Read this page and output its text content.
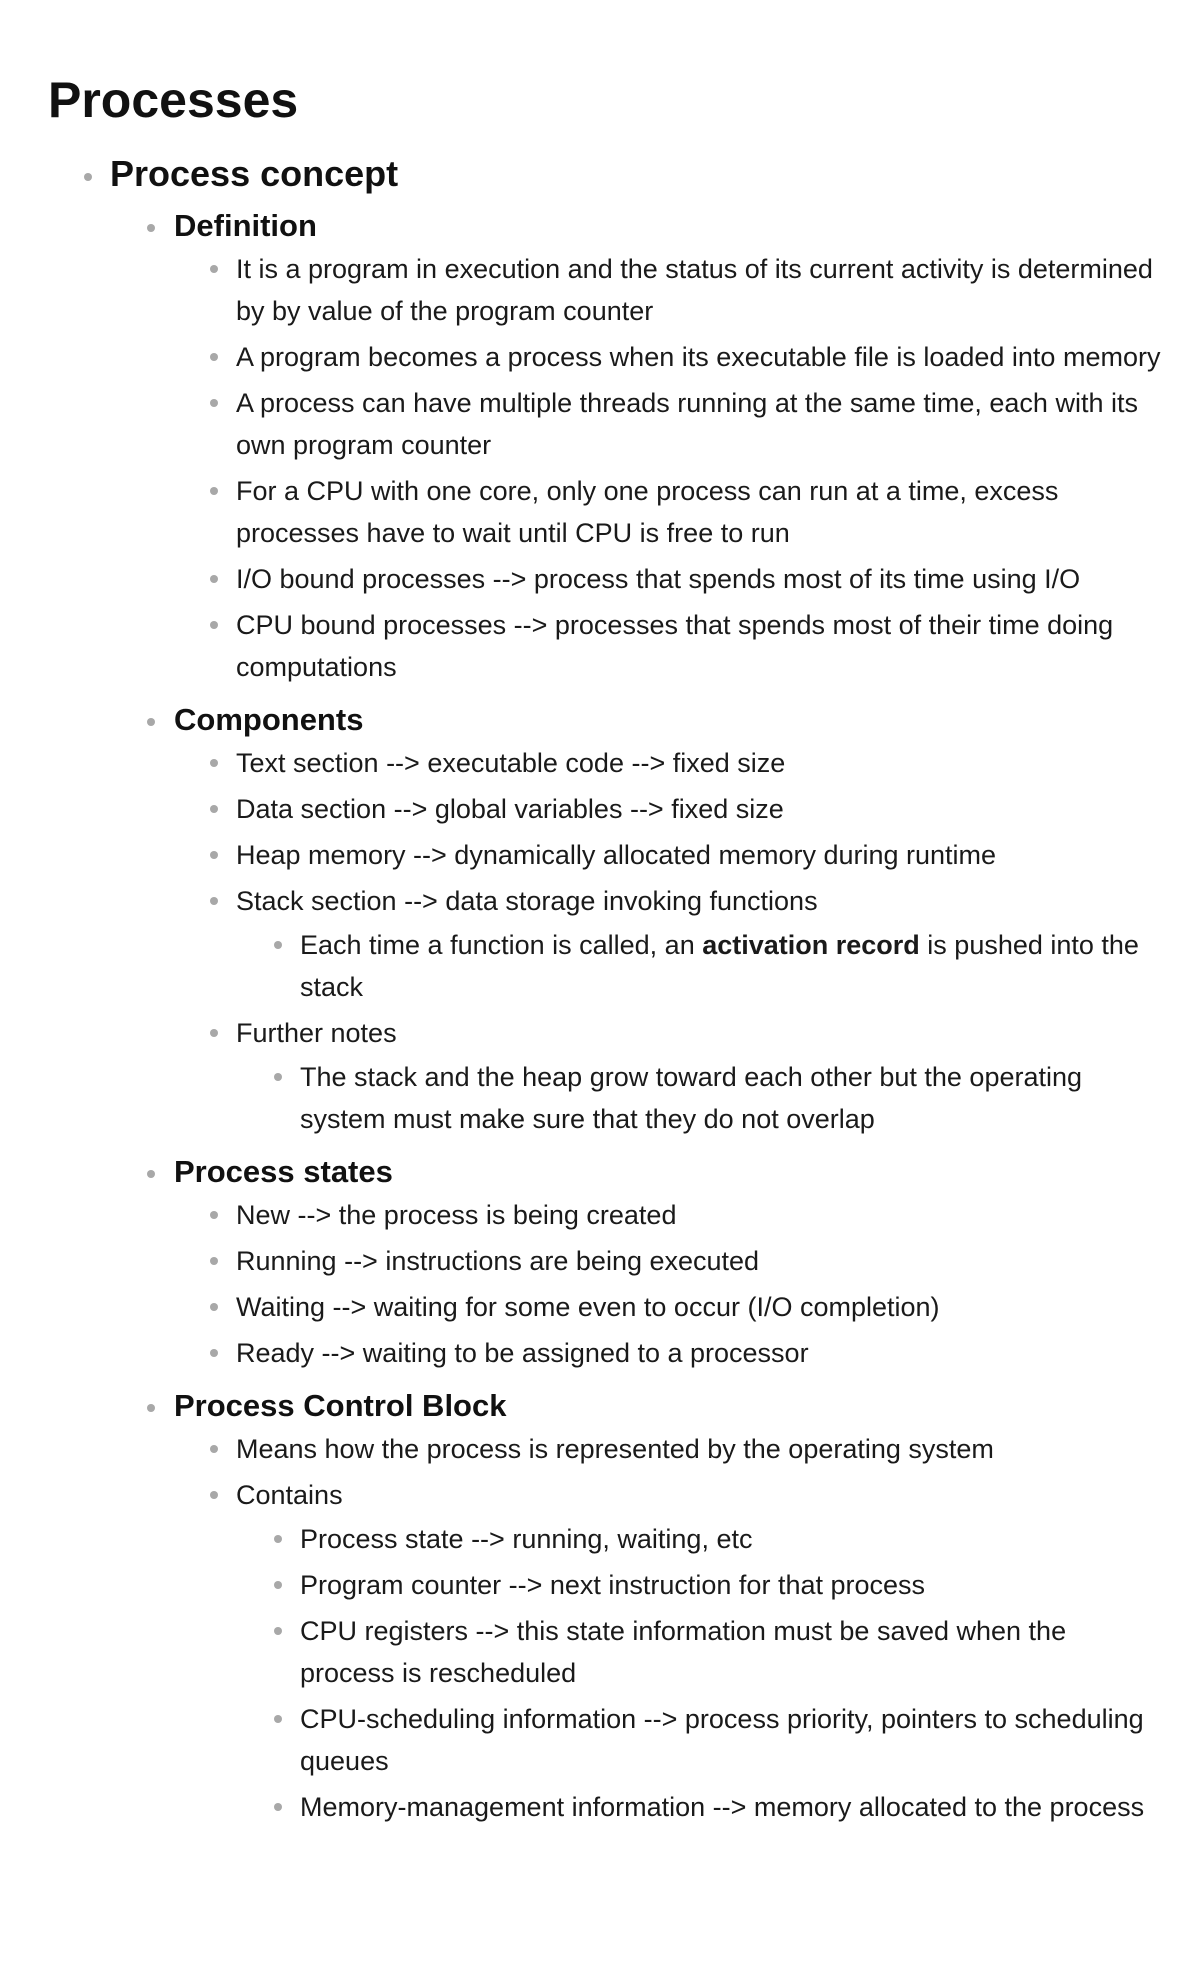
Processes
Process concept
Definition
It is a program in execution and the status of its current activity is determined by by value of the program counter
A program becomes a process when its executable file is loaded into memory
A process can have multiple threads running at the same time, each with its own program counter
For a CPU with one core, only one process can run at a time, excess processes have to wait until CPU is free to run
I/O bound processes --> process that spends most of its time using I/O
CPU bound processes --> processes that spends most of their time doing computations
Components
Text section --> executable code --> fixed size
Data section --> global variables --> fixed size
Heap memory --> dynamically allocated memory during runtime
Stack section --> data storage invoking functions
Each time a function is called, an activation record is pushed into the stack
Further notes
The stack and the heap grow toward each other but the operating system must make sure that they do not overlap
Process states
New --> the process is being created
Running --> instructions are being executed
Waiting --> waiting for some even to occur (I/O completion)
Ready --> waiting to be assigned to a processor
Process Control Block
Means how the process is represented by the operating system
Contains
Process state --> running, waiting, etc
Program counter --> next instruction for that process
CPU registers --> this state information must be saved when the process is rescheduled
CPU-scheduling information --> process priority, pointers to scheduling queues
Memory-management information --> memory allocated to the process
